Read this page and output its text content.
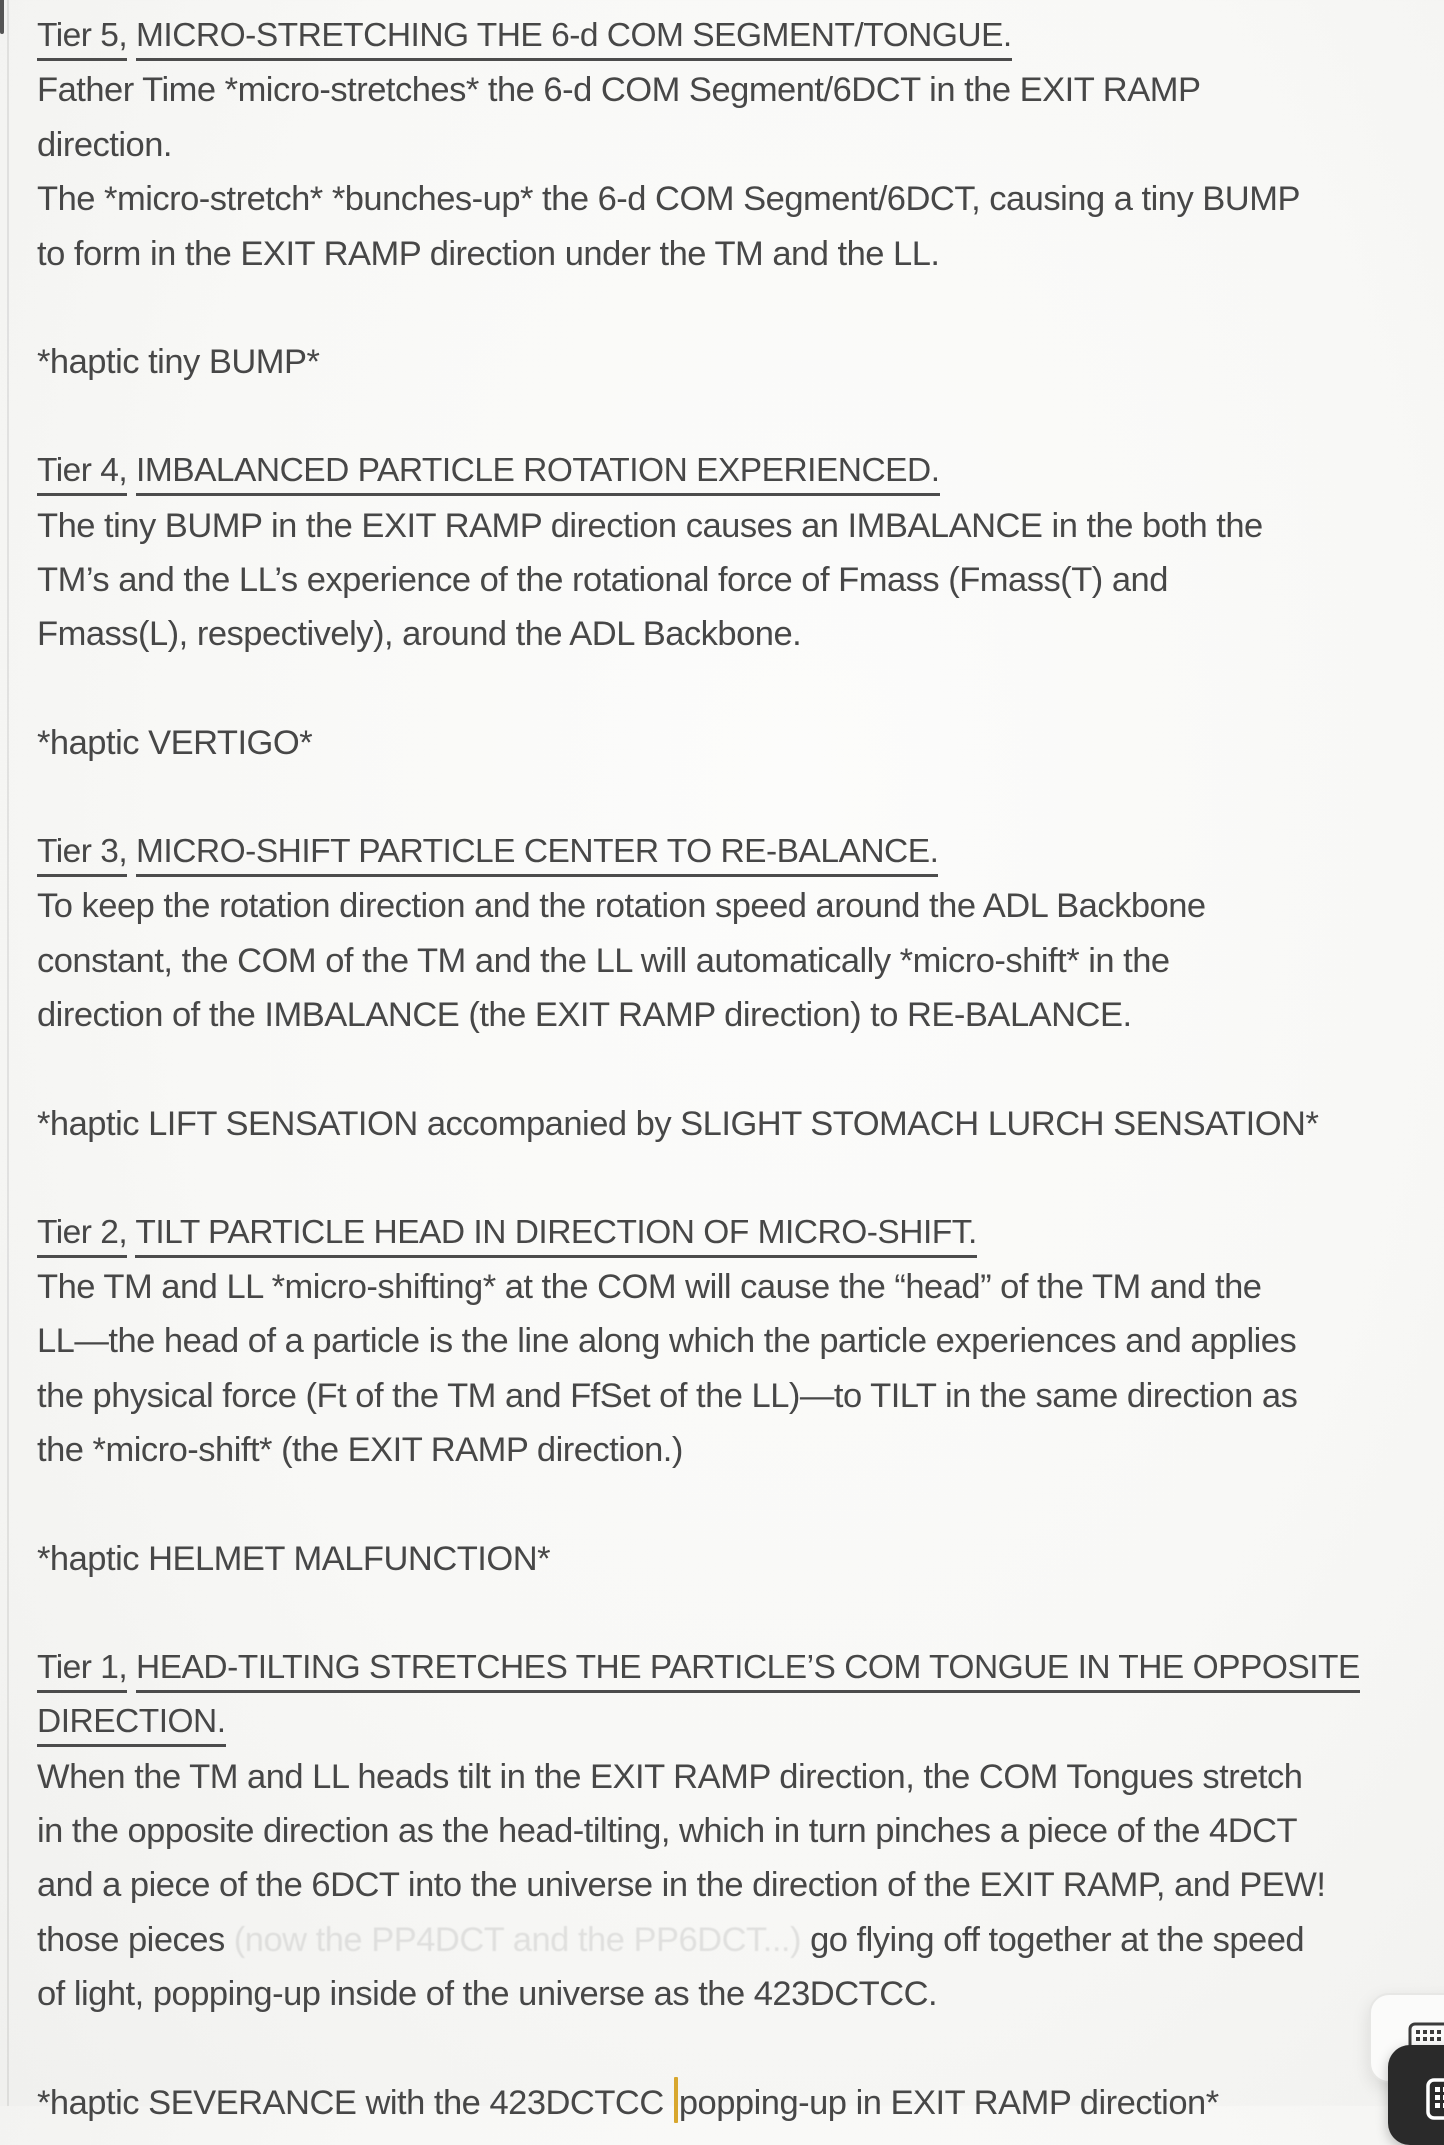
Tier 5, MICRO-STRETCHING THE 6-d COM SEGMENT/TONGUE.
Father Time *micro-stretches* the 6-d COM Segment/6DCT in the EXIT RAMP
direction.
The *micro-stretch* *bunches-up* the 6-d COM Segment/6DCT, causing a tiny BUMP
to form in the EXIT RAMP direction under the TM and the LL.
*haptic tiny BUMP*
Tier 4, IMBALANCED PARTICLE ROTATION EXPERIENCED.
The tiny BUMP in the EXIT RAMP direction causes an IMBALANCE in the both the
TM’s and the LL’s experience of the rotational force of Fmass (Fmass(T) and
Fmass(L), respectively), around the ADL Backbone.
*haptic VERTIGO*
Tier 3, MICRO-SHIFT PARTICLE CENTER TO RE-BALANCE.
To keep the rotation direction and the rotation speed around the ADL Backbone
constant, the COM of the TM and the LL will automatically *micro-shift* in the
direction of the IMBALANCE (the EXIT RAMP direction) to RE-BALANCE.
*haptic LIFT SENSATION accompanied by SLIGHT STOMACH LURCH SENSATION*
Tier 2, TILT PARTICLE HEAD IN DIRECTION OF MICRO-SHIFT.
The TM and LL *micro-shifting* at the COM will cause the “head” of the TM and the
LL—the head of a particle is the line along which the particle experiences and applies
the physical force (Ft of the TM and FfSet of the LL)—to TILT in the same direction as
the *micro-shift* (the EXIT RAMP direction.)
*haptic HELMET MALFUNCTION*
Tier 1, HEAD-TILTING STRETCHES THE PARTICLE’S COM TONGUE IN THE OPPOSITE
DIRECTION.
When the TM and LL heads tilt in the EXIT RAMP direction, the COM Tongues stretch
in the opposite direction as the head-tilting, which in turn pinches a piece of the 4DCT
and a piece of the 6DCT into the universe in the direction of the EXIT RAMP, and PEW!
those pieces (now the PP4DCT and the PP6DCT...) go flying off together at the speed
of light, popping-up inside of the universe as the 423DCTCC.
*haptic SEVERANCE with the 423DCTCC popping-up in EXIT RAMP direction*
